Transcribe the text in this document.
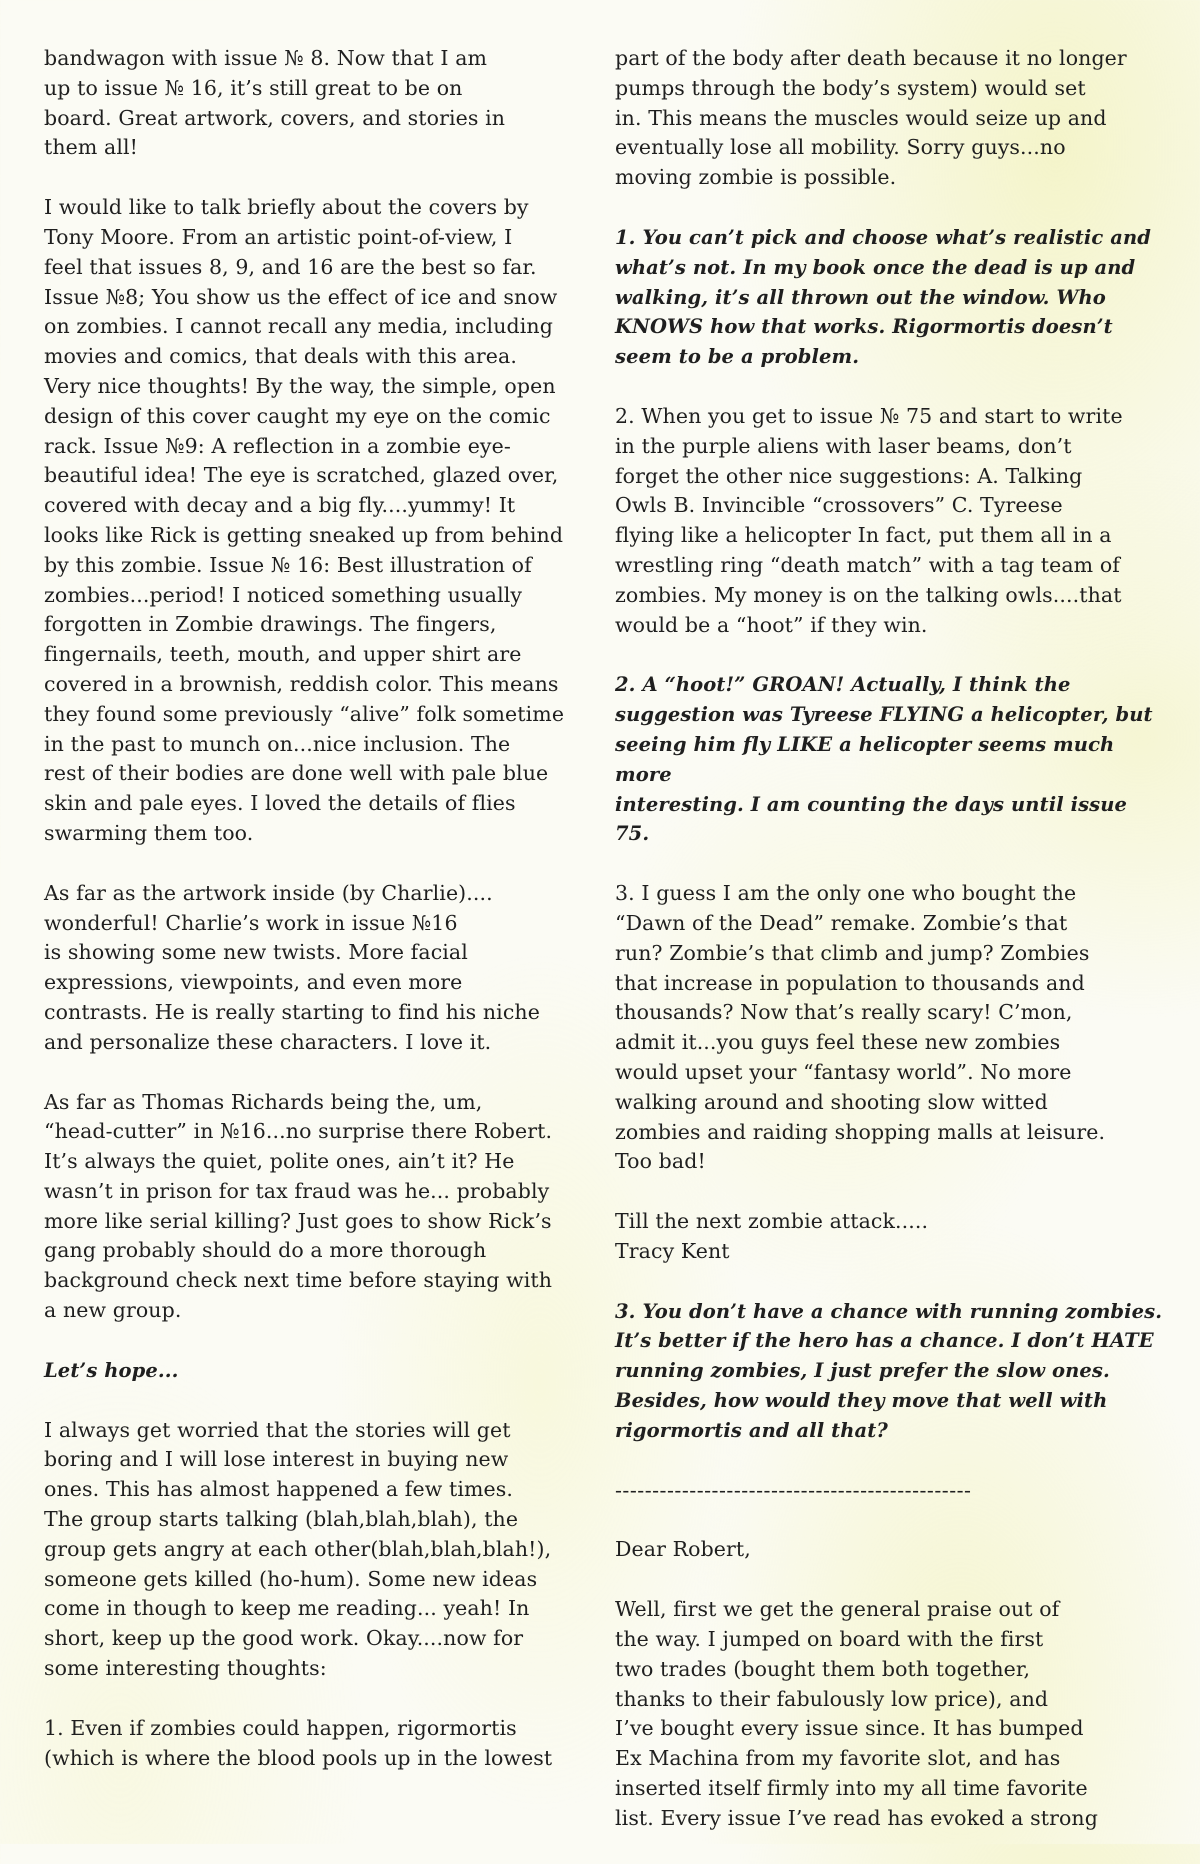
bandwagon with issue № 8. Now that I am
up to issue № 16, it’s still great to be on
board. Great artwork, covers, and stories in
them all!

I would like to talk briefly about the covers by
Tony Moore. From an artistic point-of-view, I
feel that issues 8, 9, and 16 are the best so far.
Issue №8; You show us the effect of ice and snow
on zombies. I cannot recall any media, including
movies and comics, that deals with this area.
Very nice thoughts! By the way, the simple, open
design of this cover caught my eye on the comic
rack. Issue №9: A reflection in a zombie eye-
beautiful idea! The eye is scratched, glazed over,
covered with decay and a big fly....yummy! It
looks like Rick is getting sneaked up from behind
by this zombie. Issue № 16: Best illustration of
zombies...period! I noticed something usually
forgotten in Zombie drawings. The fingers,
fingernails, teeth, mouth, and upper shirt are
covered in a brownish, reddish color. This means
they found some previously “alive” folk sometime
in the past to munch on...nice inclusion. The
rest of their bodies are done well with pale blue
skin and pale eyes. I loved the details of flies
swarming them too.

As far as the artwork inside (by Charlie)....
wonderful! Charlie’s work in issue №16
is showing some new twists. More facial
expressions, viewpoints, and even more
contrasts. He is really starting to find his niche
and personalize these characters. I love it.

As far as Thomas Richards being the, um,
“head-cutter” in №16...no surprise there Robert.
It’s always the quiet, polite ones, ain’t it? He
wasn’t in prison for tax fraud was he... probably
more like serial killing? Just goes to show Rick’s
gang probably should do a more thorough
background check next time before staying with
a new group.

Let’s hope...

I always get worried that the stories will get
boring and I will lose interest in buying new
ones. This has almost happened a few times.
The group starts talking (blah,blah,blah), the
group gets angry at each other(blah,blah,blah!),
someone gets killed (ho-hum). Some new ideas
come in though to keep me reading... yeah! In
short, keep up the good work. Okay....now for
some interesting thoughts:

1. Even if zombies could happen, rigormortis
(which is where the blood pools up in the lowest

part of the body after death because it no longer
pumps through the body’s system) would set
in. This means the muscles would seize up and
eventually lose all mobility. Sorry guys...no
moving zombie is possible.

1. You can’t pick and choose what’s realistic and
what’s not. In my book once the dead is up and
walking, it’s all thrown out the window. Who
KNOWS how that works. Rigormortis doesn’t
seem to be a problem.

2. When you get to issue № 75 and start to write
in the purple aliens with laser beams, don’t
forget the other nice suggestions: A. Talking
Owls B. Invincible “crossovers” C. Tyreese
flying like a helicopter In fact, put them all in a
wrestling ring “death match” with a tag team of
zombies. My money is on the talking owls....that
would be a “hoot” if they win.

2. A “hoot!” GROAN! Actually, I think the
suggestion was Tyreese FLYING a helicopter, but
seeing him fly LIKE a helicopter seems much more
interesting. I am counting the days until issue 75.

3. I guess I am the only one who bought the
“Dawn of the Dead” remake. Zombie’s that
run? Zombie’s that climb and jump? Zombies
that increase in population to thousands and
thousands? Now that’s really scary! C’mon,
admit it...you guys feel these new zombies
would upset your “fantasy world”. No more
walking around and shooting slow witted
zombies and raiding shopping malls at leisure.
Too bad!

Till the next zombie attack.....
Tracy Kent

3. You don’t have a chance with running zombies.
It’s better if the hero has a chance. I don’t HATE
running zombies, I just prefer the slow ones.
Besides, how would they move that well with
rigormortis and all that?

------------------------------------------------

Dear Robert,

Well, first we get the general praise out of
the way. I jumped on board with the first
two trades (bought them both together,
thanks to their fabulously low price), and
I’ve bought every issue since. It has bumped
Ex Machina from my favorite slot, and has
inserted itself firmly into my all time favorite
list. Every issue I’ve read has evoked a strong
